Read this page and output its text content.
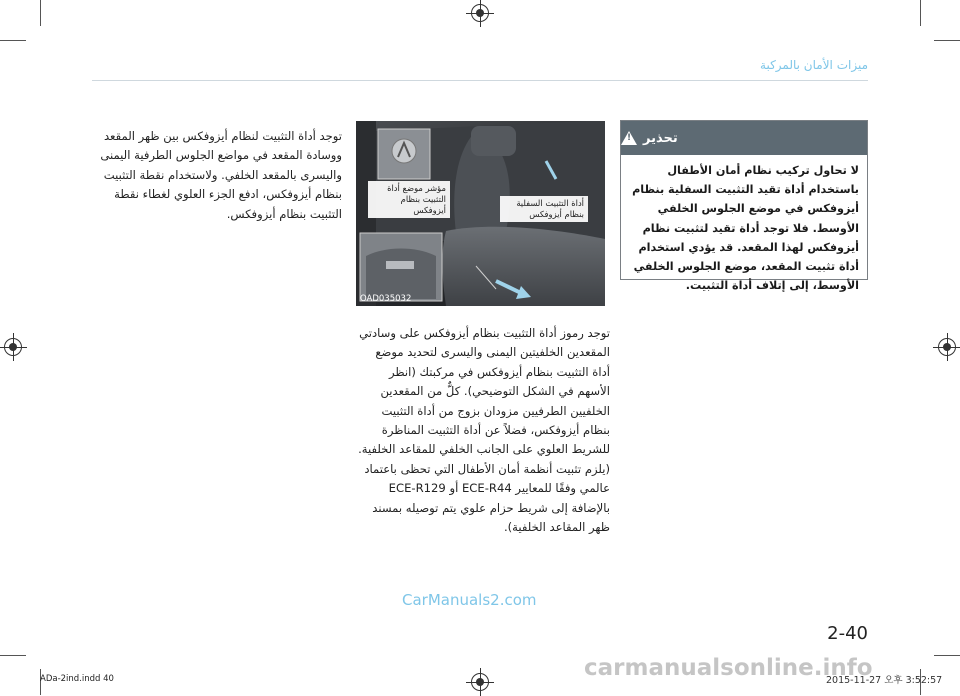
ميزات الأمان بالمركبة
تحذير
!
لا تحاول تركيب نظام أمان الأطفال باستخدام أداة تقيد التثبيت السفلية بنظام أيزوفكس في موضع الجلوس الخلفي الأوسط. فلا توجد أداة تقيد لتثبيت نظام أيزوفكس لهذا المقعد. قد يؤدي استخدام أداة تثبيت المقعد، موضع الجلوس الخلفي الأوسط، إلى إتلاف أداة التثبيت.

توجد أداة التثبيت لنظام أيزوفكس بين ظهر المقعد ووسادة المقعد في مواضع الجلوس الطرفية اليمنى واليسرى بالمقعد الخلفي. ولاستخدام نقطة التثبيت بنظام أيزوفكس، ادفع الجزء العلوي لغطاء نقطة التثبيت بنظام أيزوفكس.

مؤشر موضع أداة التثبيت بنظام أيزوفكس
أداة التثبيت السفلية بنظام أيزوفكس
OAD035032

توجد رموز أداة التثبيت بنظام أيزوفكس على وسادتي المقعدين الخلفيتين اليمنى واليسرى لتحديد موضع أداة التثبيت بنظام أيزوفكس في مركبتك (انظر الأسهم في الشكل التوضيحي). كلٌّ من المقعدين الخلفيين الطرفيين مزودان بزوج من أداة التثبيت بنظام أيزوفكس، فضلاً عن أداة التثبيت المناظرة للشريط العلوي على الجانب الخلفي للمقاعد الخلفية. (يلزم تثبيت أنظمة أمان الأطفال التي تحظى باعتماد عالمي وفقًا للمعايير ECE-R44 أو ECE-R129 بالإضافة إلى شريط حزام علوي يتم توصيله بمسند ظهر المقاعد الخلفية).

CarManuals2.com
2-40
carmanualsonline.info
ADa-2ind.indd 40	2015-11-27 오후 3:52:57
